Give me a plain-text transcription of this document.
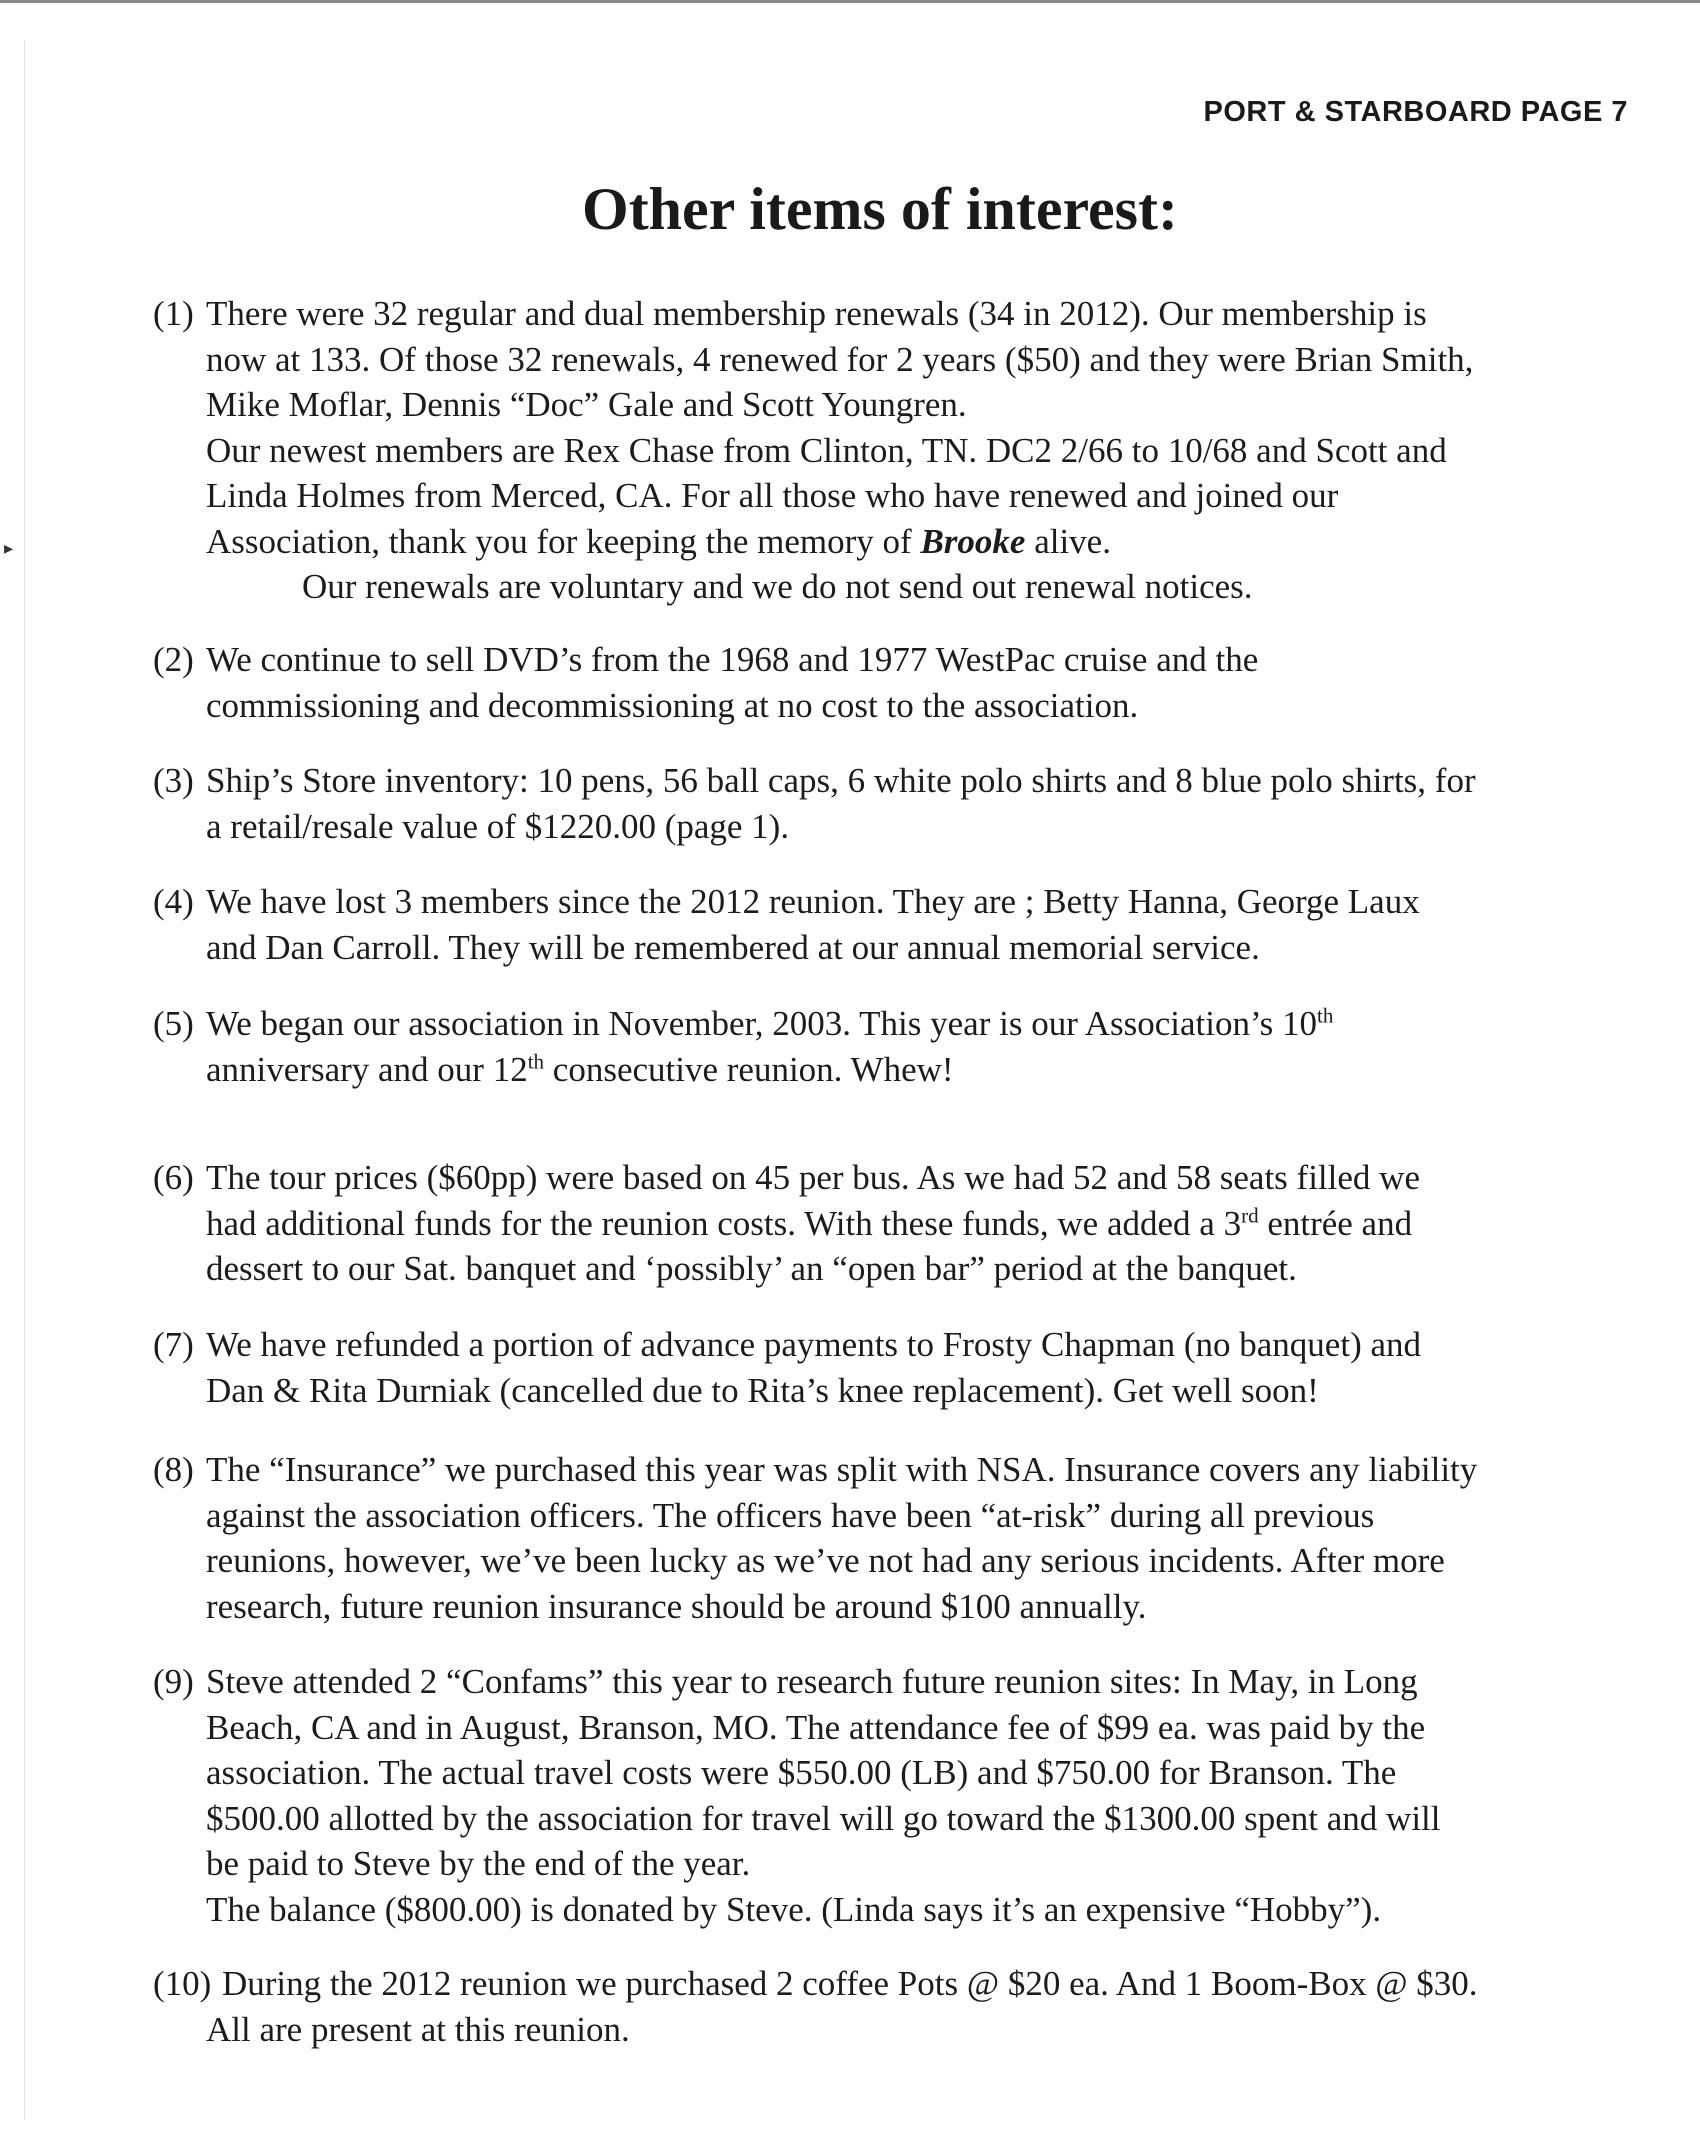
▸
PORT & STARBOARD PAGE 7
Other items of interest:
(1) There were 32 regular and dual membership renewals (34 in 2012). Our membership is
now at 133. Of those 32 renewals, 4 renewed for 2 years ($50) and they were Brian Smith,
Mike Moflar, Dennis “Doc” Gale and Scott Youngren.
Our newest members are Rex Chase from Clinton, TN. DC2 2/66 to 10/68 and Scott and
Linda Holmes from Merced, CA. For all those who have renewed and joined our
Association, thank you for keeping the memory of Brooke alive.
Our renewals are voluntary and we do not send out renewal notices.
(2) We continue to sell DVD’s from the 1968 and 1977 WestPac cruise and the
commissioning and decommissioning at no cost to the association.
(3) Ship’s Store inventory: 10 pens, 56 ball caps, 6 white polo shirts and 8 blue polo shirts, for
a retail/resale value of $1220.00 (page 1).
(4) We have lost 3 members since the 2012 reunion. They are ; Betty Hanna, George Laux
and Dan Carroll. They will be remembered at our annual memorial service.
(5) We began our association in November, 2003. This year is our Association’s 10th
anniversary and our 12th consecutive reunion. Whew!
(6) The tour prices ($60pp) were based on 45 per bus. As we had 52 and 58 seats filled we
had additional funds for the reunion costs. With these funds, we added a 3rd entrée and
dessert to our Sat. banquet and ‘possibly’ an “open bar” period at the banquet.
(7) We have refunded a portion of advance payments to Frosty Chapman (no banquet) and
Dan & Rita Durniak (cancelled due to Rita’s knee replacement). Get well soon!
(8) The “Insurance” we purchased this year was split with NSA. Insurance covers any liability
against the association officers. The officers have been “at-risk” during all previous
reunions, however, we’ve been lucky as we’ve not had any serious incidents. After more
research, future reunion insurance should be around $100 annually.
(9) Steve attended 2 “Confams” this year to research future reunion sites: In May, in Long
Beach, CA and in August, Branson, MO. The attendance fee of $99 ea. was paid by the
association. The actual travel costs were $550.00 (LB) and $750.00 for Branson. The
$500.00 allotted by the association for travel will go toward the $1300.00 spent and will
be paid to Steve by the end of the year.
The balance ($800.00) is donated by Steve. (Linda says it’s an expensive “Hobby”).
(10) During the 2012 reunion we purchased 2 coffee Pots @ $20 ea. And 1 Boom-Box @ $30.
All are present at this reunion.
